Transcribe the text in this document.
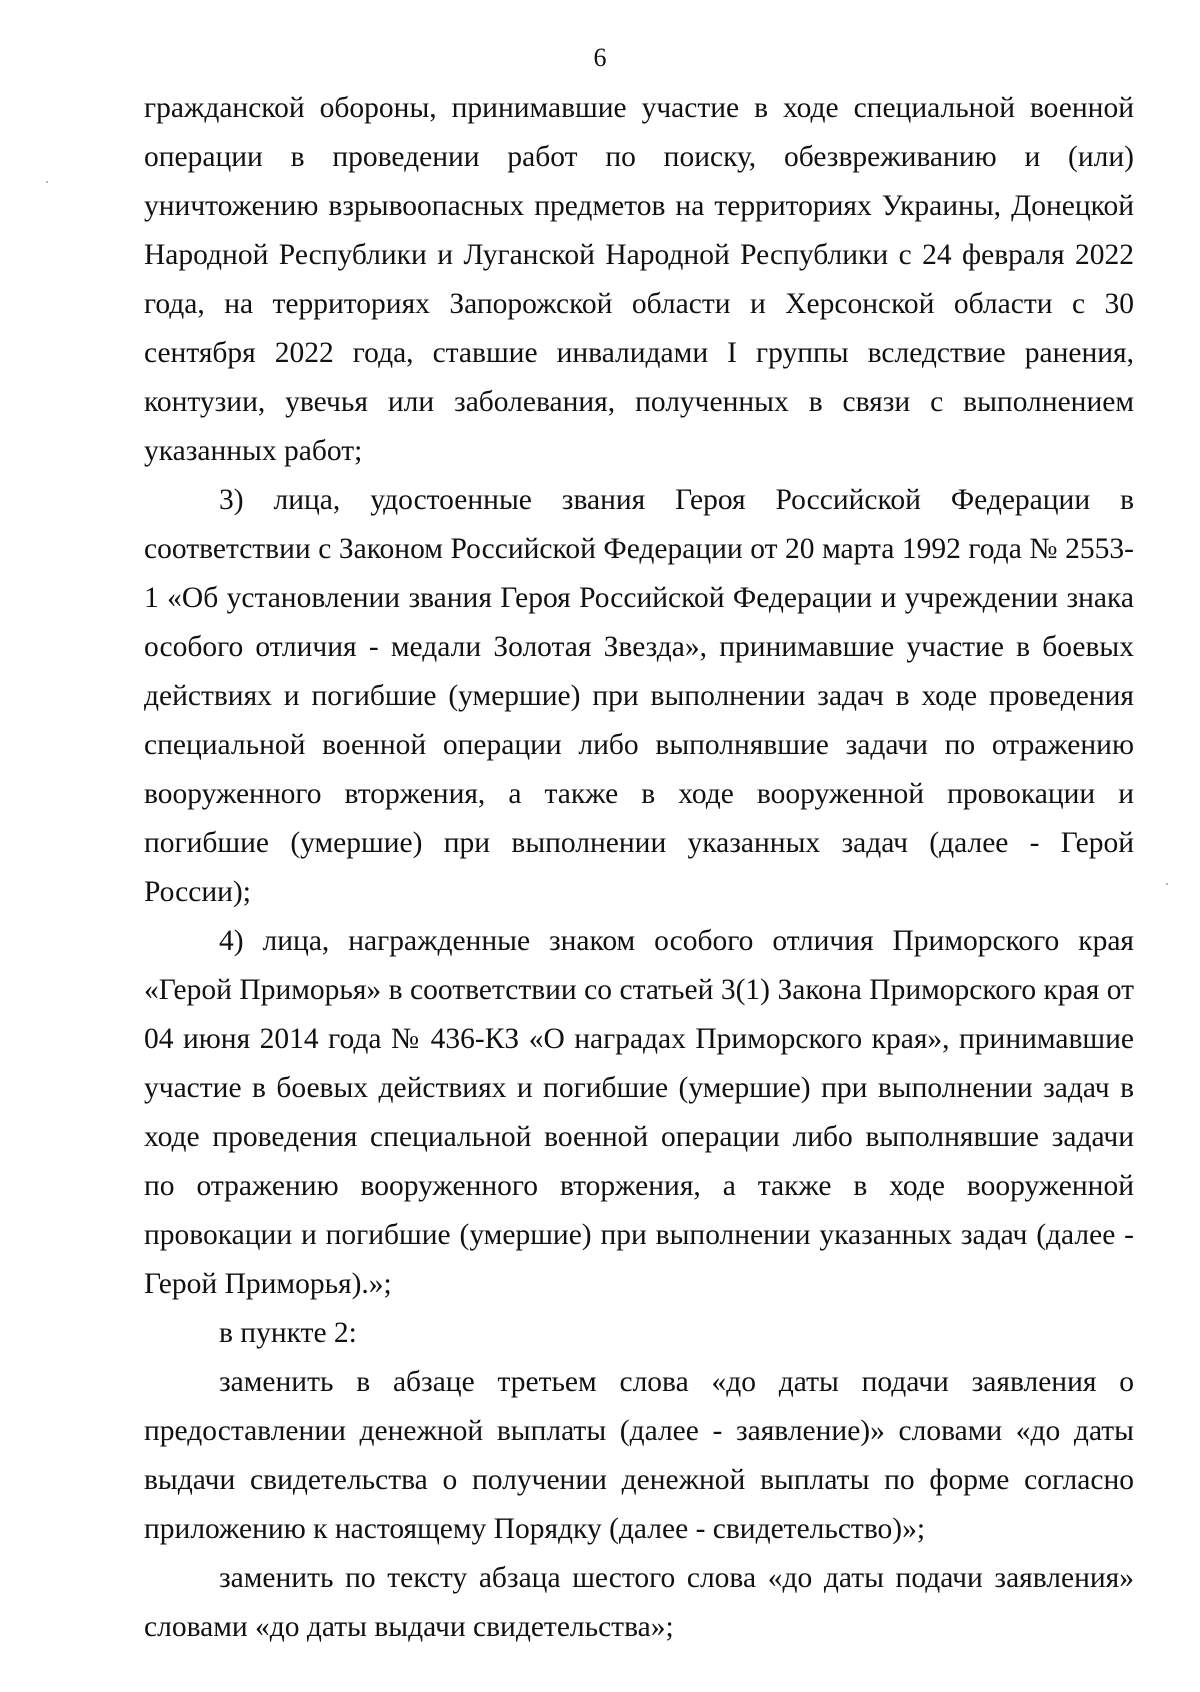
6

гражданской обороны, принимавшие участие в ходе специальной военной операции в проведении работ по поиску, обезвреживанию и (или) уничтожению взрывоопасных предметов на территориях Украины, Донецкой Народной Республики и Луганской Народной Республики с 24 февраля 2022 года, на территориях Запорожской области и Херсонской области с 30 сентября 2022 года, ставшие инвалидами I группы вследствие ранения, контузии, увечья или заболевания, полученных в связи с выполнением указанных работ;

3) лица, удостоенные звания Героя Российской Федерации в соответствии с Законом Российской Федерации от 20 марта 1992 года № 2553-1 «Об установлении звания Героя Российской Федерации и учреждении знака особого отличия - медали Золотая Звезда», принимавшие участие в боевых действиях и погибшие (умершие) при выполнении задач в ходе проведения специальной военной операции либо выполнявшие задачи по отражению вооруженного вторжения, а также в ходе вооруженной провокации и погибшие (умершие) при выполнении указанных задач (далее - Герой России);

4) лица, награжденные знаком особого отличия Приморского края «Герой Приморья» в соответствии со статьей 3(1) Закона Приморского края от 04 июня 2014 года № 436-КЗ «О наградах Приморского края», принимавшие участие в боевых действиях и погибшие (умершие) при выполнении задач в ходе проведения специальной военной операции либо выполнявшие задачи по отражению вооруженного вторжения, а также в ходе вооруженной провокации и погибшие (умершие) при выполнении указанных задач (далее - Герой Приморья).»;

в пункте 2:

заменить в абзаце третьем слова «до даты подачи заявления о предоставлении денежной выплаты (далее - заявление)» словами «до даты выдачи свидетельства о получении денежной выплаты по форме согласно приложению к настоящему Порядку (далее - свидетельство)»;

заменить по тексту абзаца шестого слова «до даты подачи заявления» словами «до даты выдачи свидетельства»;
